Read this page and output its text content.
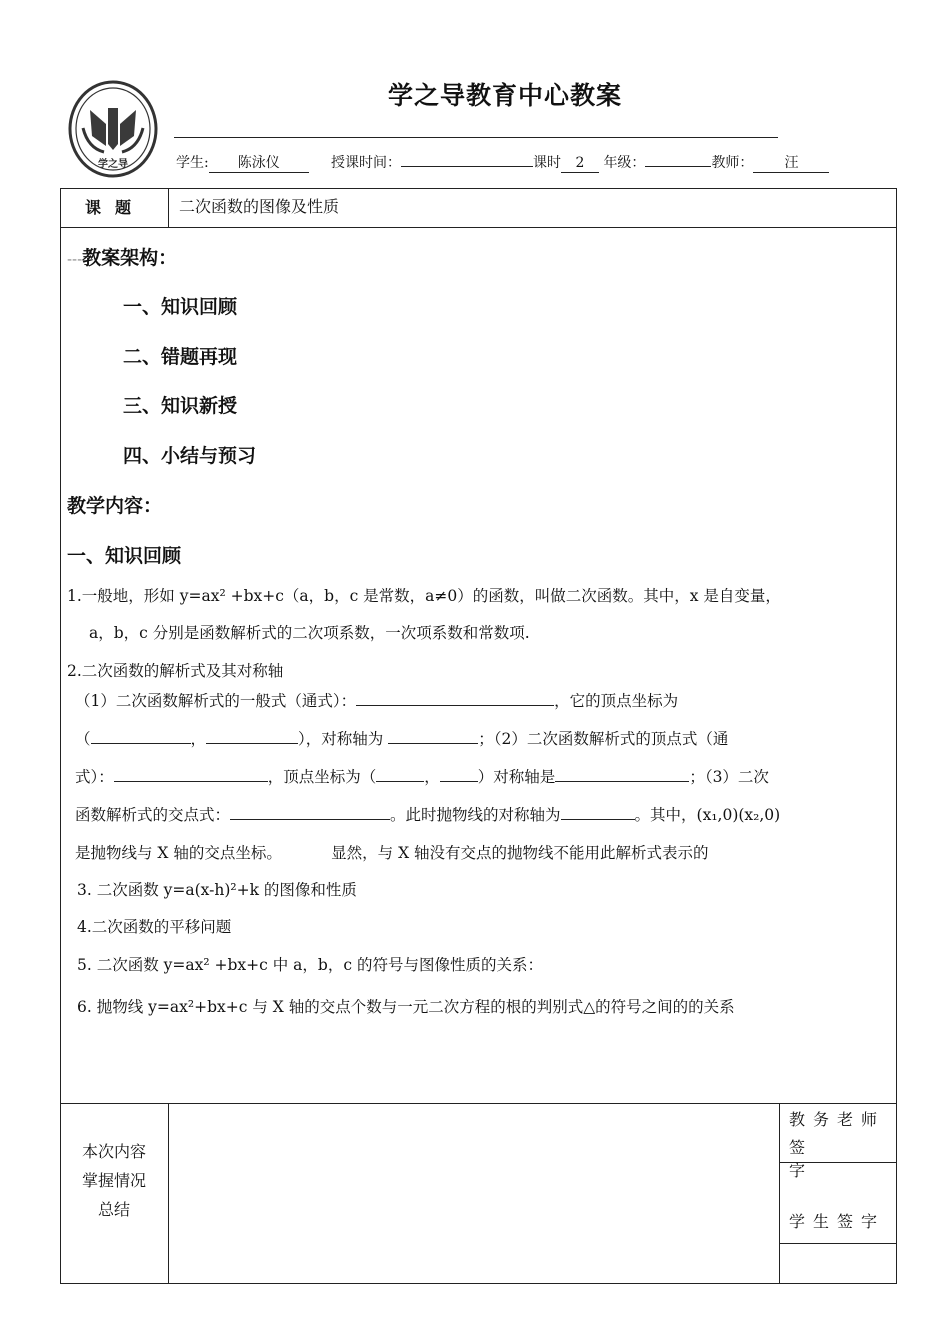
学之导
学之导教育中心教案
学生: 陈泳仪	授课时间：	课时 2 年级：	教师： 汪
课题	二次函数的图像及性质
---教案架构：
一、知识回顾
二、错题再现
三、知识新授
四、小结与预习
教学内容：
一、知识回顾
1.一般地，形如 y=ax² +bx+c（a，b，c 是常数，a≠0）的函数，叫做二次函数。其中，x 是自变量，
a，b，c 分别是函数解析式的二次项系数，一次项系数和常数项.
2.二次函数的解析式及其对称轴
（1）二次函数解析式的一般式（通式）：	，它的顶点坐标为
（	，	），对称轴为	；（2）二次函数解析式的顶点式（通
式）：	，顶点坐标为（	， ）对称轴是	；（3）二次
函数解析式的交点式：	。此时抛物线的对称轴为	。其中，(x₁,0)(x₂,0)
是抛物线与 X 轴的交点坐标。	显然，与 X 轴没有交点的抛物线不能用此解析式表示的
3. 二次函数 y=a(x-h)²+k 的图像和性质
4.二次函数的平移问题
5. 二次函数 y=ax² +bx+c 中 a，b，c 的符号与图像性质的关系：
6. 抛物线 y=ax²+bx+c 与 X 轴的交点个数与一元二次方程的根的判别式△的符号之间的的关系
本次内容
掌握情况
总结
教务老师
签字
学生签字
